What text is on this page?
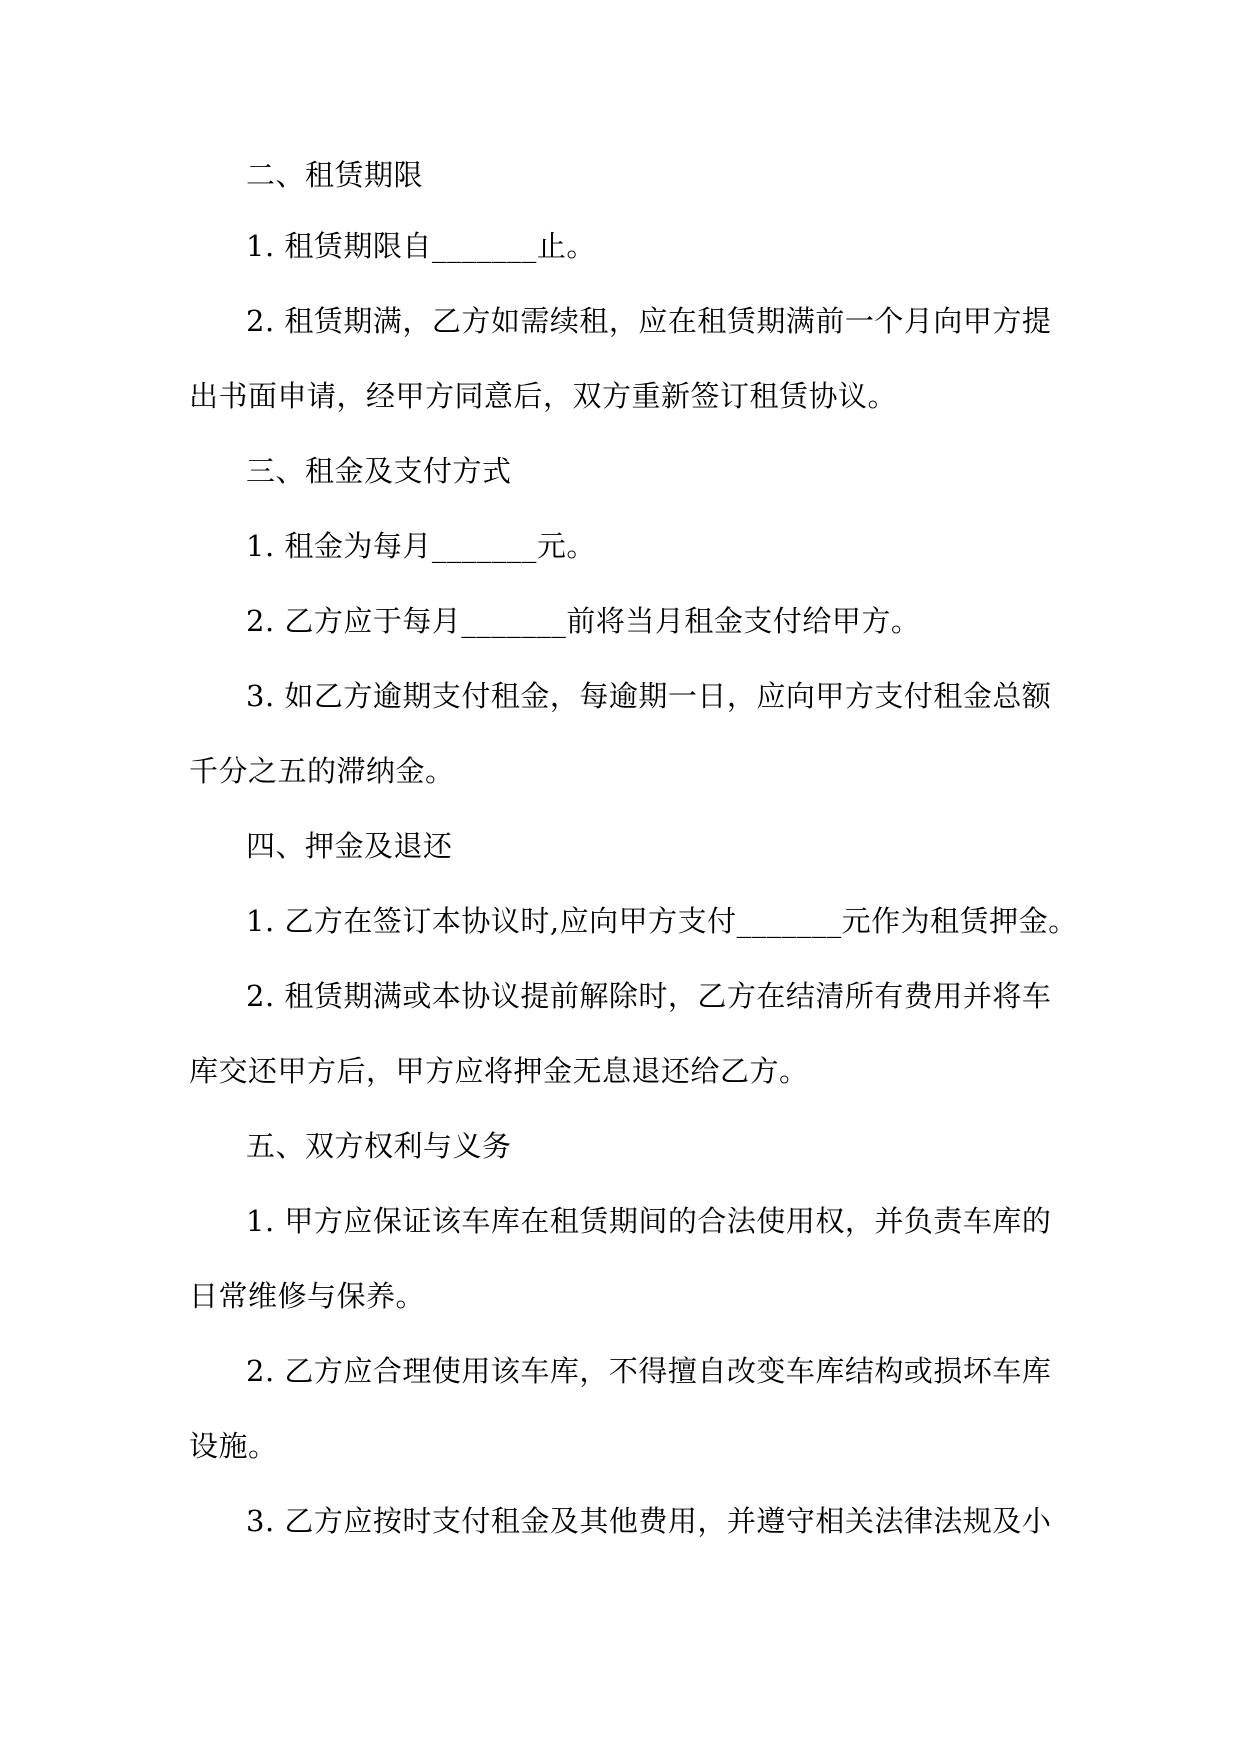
二、租赁期限
1. 租赁期限自_______止。
2. 租赁期满，乙方如需续租，应在租赁期满前一个月向甲方提
出书面申请，经甲方同意后，双方重新签订租赁协议。
三、租金及支付方式
1. 租金为每月_______元。
2. 乙方应于每月_______前将当月租金支付给甲方。
3. 如乙方逾期支付租金，每逾期一日，应向甲方支付租金总额
千分之五的滞纳金。
四、押金及退还
1. 乙方在签订本协议时,应向甲方支付_______元作为租赁押金。
2. 租赁期满或本协议提前解除时，乙方在结清所有费用并将车
库交还甲方后，甲方应将押金无息退还给乙方。
五、双方权利与义务
1. 甲方应保证该车库在租赁期间的合法使用权，并负责车库的
日常维修与保养。
2. 乙方应合理使用该车库，不得擅自改变车库结构或损坏车库
设施。
3. 乙方应按时支付租金及其他费用，并遵守相关法律法规及小
